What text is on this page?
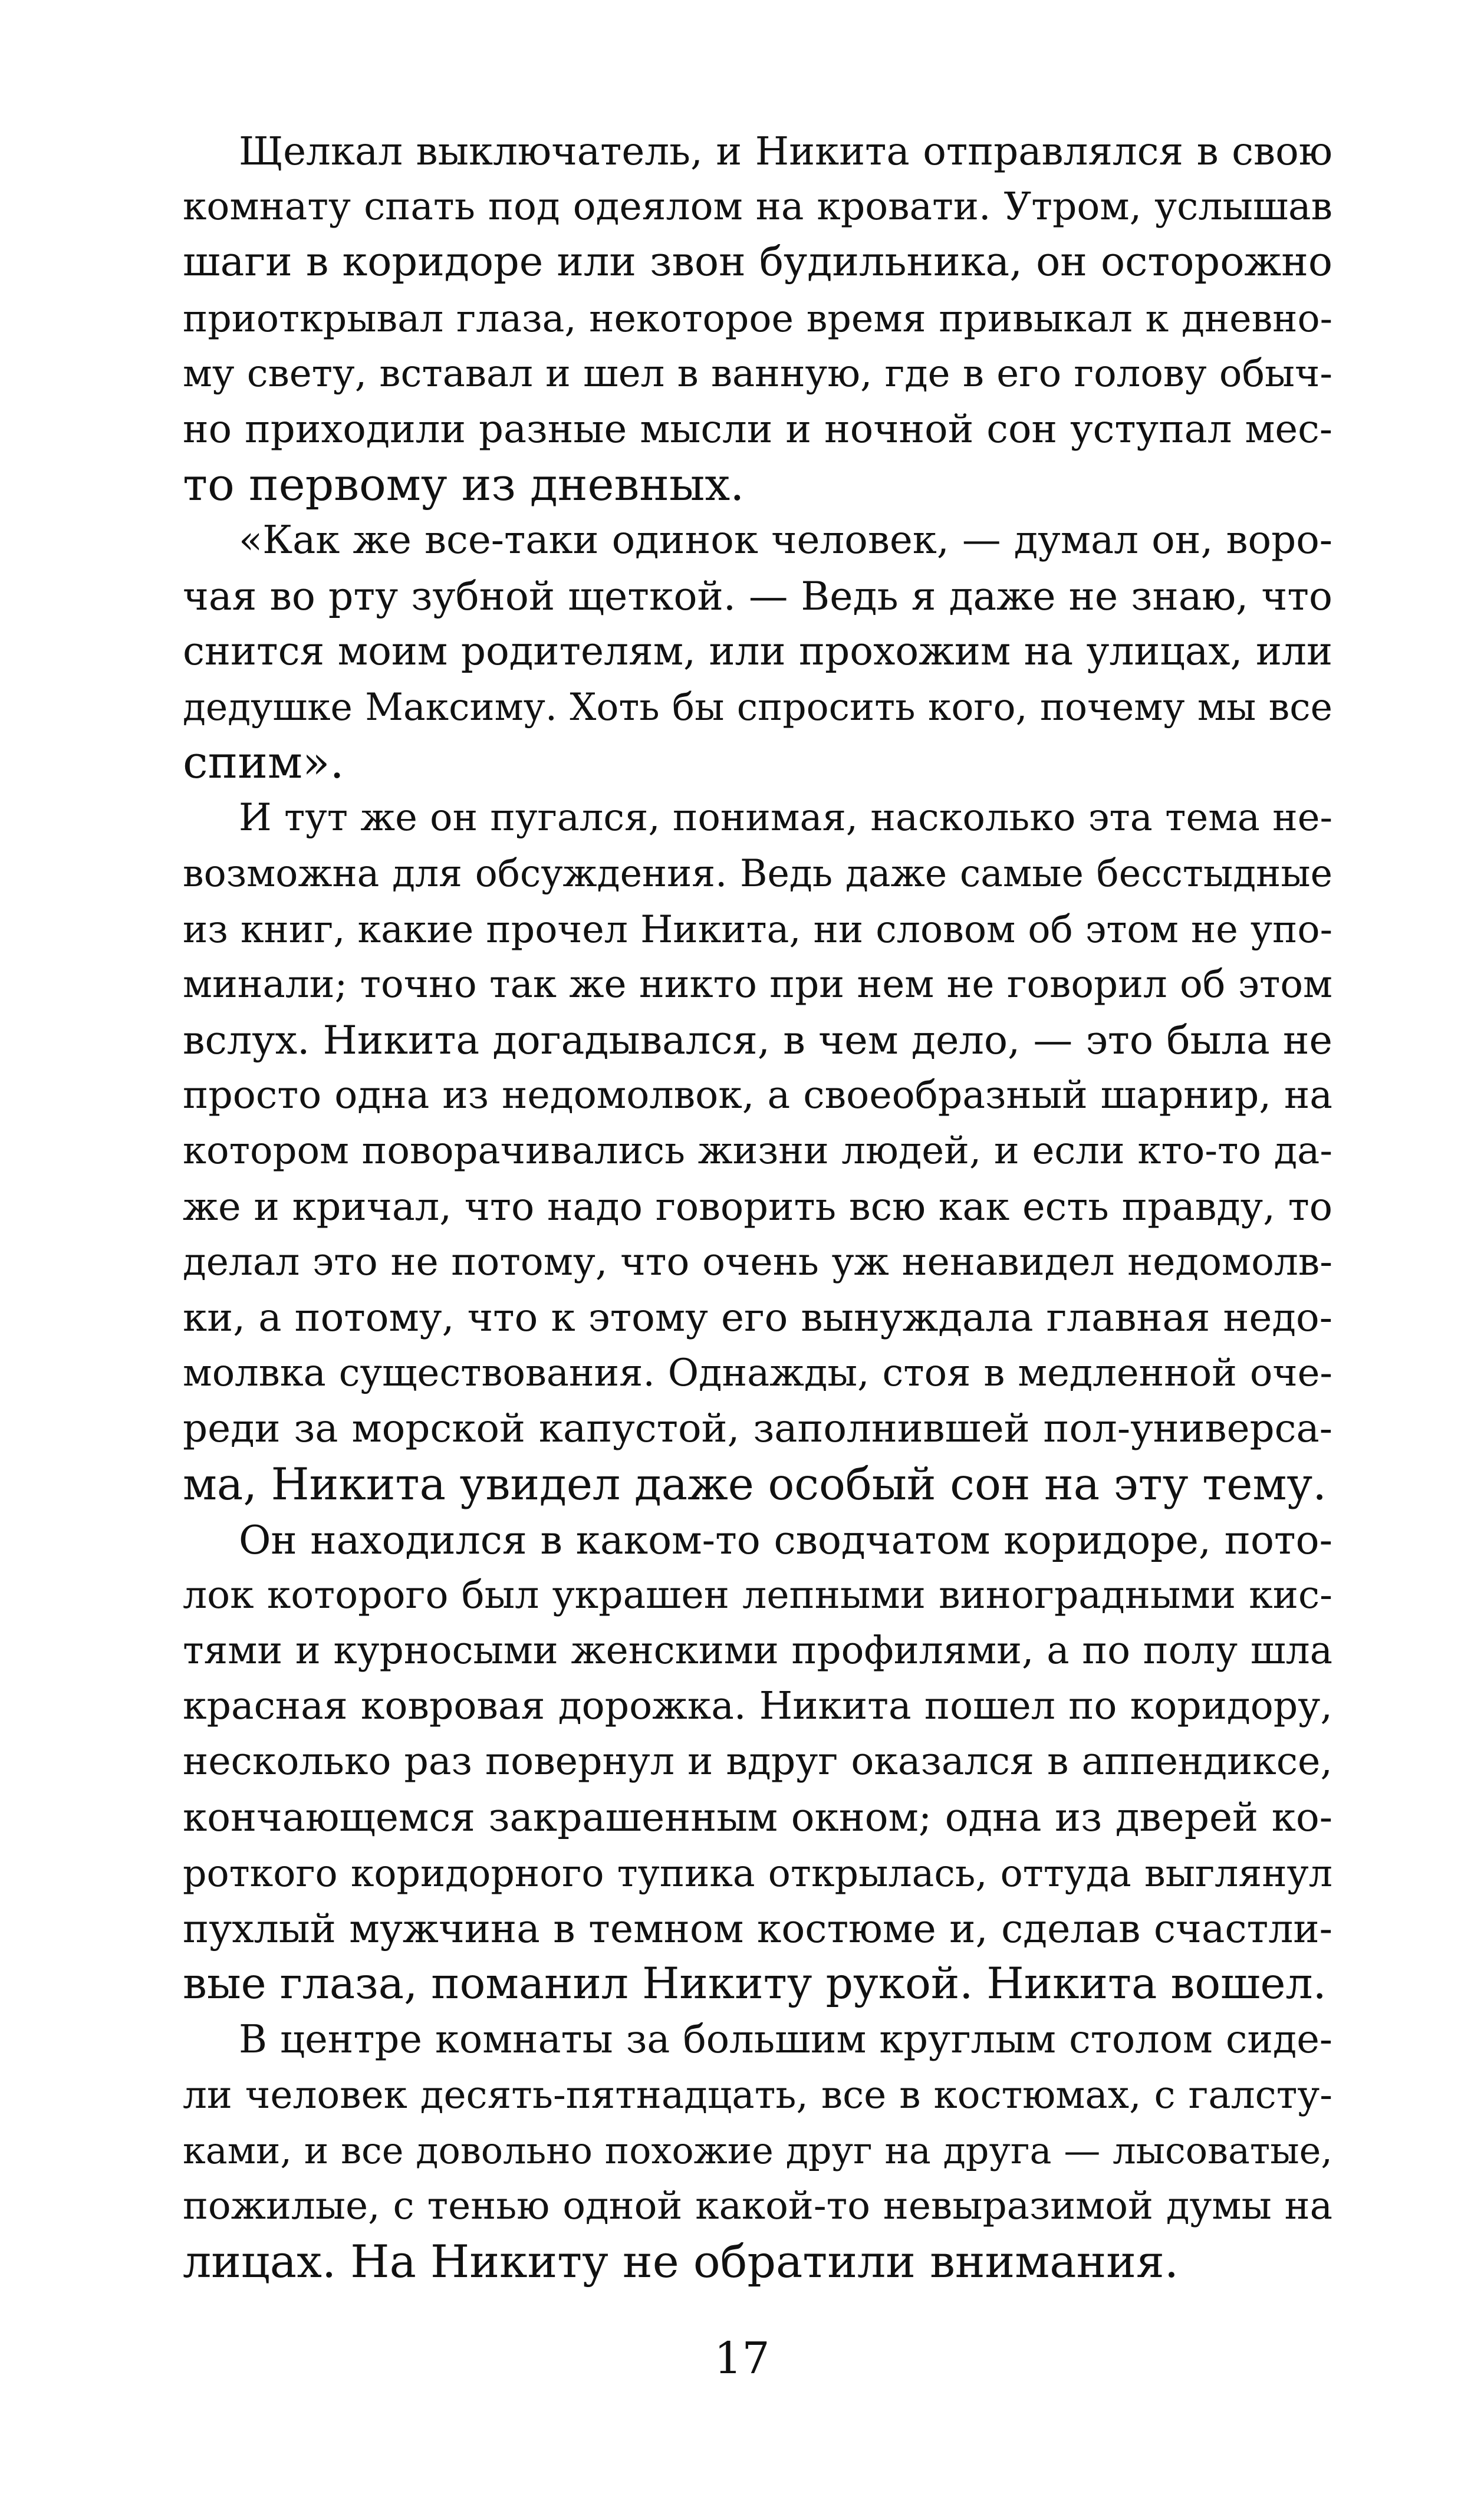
Щелкал выключатель, и Никита отправлялся в свою
комнату спать под одеялом на кровати. Утром, услышав
шаги в коридоре или звон будильника, он осторожно
приоткрывал глаза, некоторое время привыкал к дневно-
му свету, вставал и шел в ванную, где в его голову обыч-
но приходили разные мысли и ночной сон уступал мес-
то первому из дневных.
«Как же все-таки одинок человек, — думал он, воро-
чая во рту зубной щеткой. — Ведь я даже не знаю, что
снится моим родителям, или прохожим на улицах, или
дедушке Максиму. Хоть бы спросить кого, почему мы все
спим».
И тут же он пугался, понимая, насколько эта тема не-
возможна для обсуждения. Ведь даже самые бесстыдные
из книг, какие прочел Никита, ни словом об этом не упо-
минали; точно так же никто при нем не говорил об этом
вслух. Никита догадывался, в чем дело, — это была не
просто одна из недомолвок, а своеобразный шарнир, на
котором поворачивались жизни людей, и если кто-то да-
же и кричал, что надо говорить всю как есть правду, то
делал это не потому, что очень уж ненавидел недомолв-
ки, а потому, что к этому его вынуждала главная недо-
молвка существования. Однажды, стоя в медленной оче-
реди за морской капустой, заполнившей пол-универса-
ма, Никита увидел даже особый сон на эту тему.
Он находился в каком-то сводчатом коридоре, пото-
лок которого был украшен лепными виноградными кис-
тями и курносыми женскими профилями, а по полу шла
красная ковровая дорожка. Никита пошел по коридору,
несколько раз повернул и вдруг оказался в аппендиксе,
кончающемся закрашенным окном; одна из дверей ко-
роткого коридорного тупика открылась, оттуда выглянул
пухлый мужчина в темном костюме и, сделав счастли-
вые глаза, поманил Никиту рукой. Никита вошел.
В центре комнаты за большим круглым столом сиде-
ли человек десять-пятнадцать, все в костюмах, с галсту-
ками, и все довольно похожие друг на друга — лысоватые,
пожилые, с тенью одной какой-то невыразимой думы на
лицах. На Никиту не обратили внимания.
17
